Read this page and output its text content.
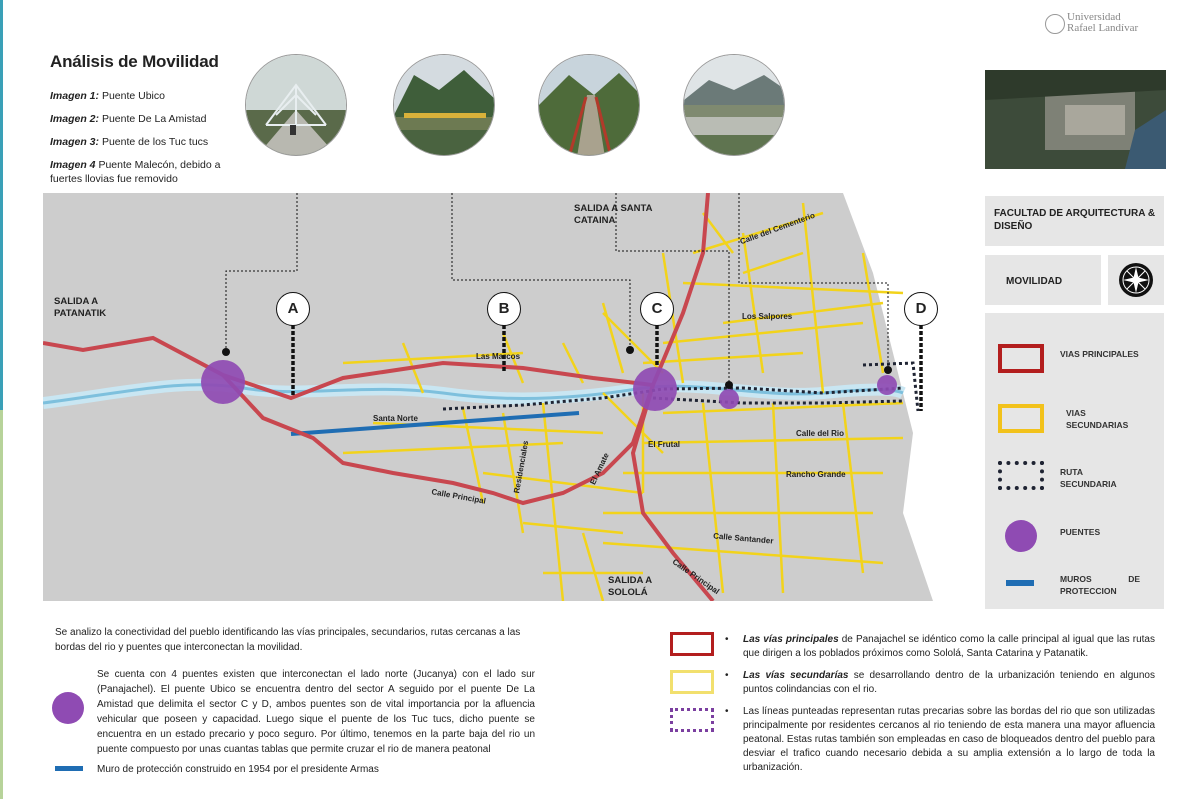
Análisis de Movilidad

Imagen 1: Puente Ubico

Imagen 2: Puente De La Amistad

Imagen 3: Puente de los Tuc tucs

Imagen 4 Puente Malecón, debido a fuertes llovias fue removido

Universidad
Rafael Landívar
FACULTAD DE ARQUITECTURA & DISEÑO
MOVILIDAD
VIAS PRINCIPALES
VIAS SECUNDARIAS
RUTA SECUNDARIA
PUENTES
MUROS DE PROTECCION
A	B	C	D
SALIDA A PATANATIK
SALIDA A SANTA CATAINA
SALIDA A SOLOLÁ
Calle del Cementerio
Los Salpores
Las Marcos
Santa Norte
Residenciales	El Frutal
Calle del Rio
Rancho Grande
El Amate
Calle Principal
Calle Santander
Calle Principal
Se analizo la conectividad del pueblo identificando las vías principales, secundarios, rutas cercanas a las bordas del rio y puentes que interconectan la movilidad.
Se cuenta con 4 puentes existen que interconectan el lado norte (Jucanya) con el lado sur (Panajachel). El puente Ubico se encuentra dentro del sector A seguido por el puente De La Amistad que delimita el sector C y D, ambos puentes son de vital importancia por la afluencia vehicular que poseen y capacidad. Luego sique el puente de los Tuc tucs, dicho puente se encuentra en un estado precario y poco seguro. Por último, tenemos en la parte baja del rio un puente compuesto por unas cuantas tablas que permite cruzar el rio de manera peatonal
Muro de protección construido en 1954 por el presidente Armas
• Las vías principales de Panajachel se idéntico como la calle principal al igual que las rutas que dirigen a los poblados próximos como Sololá, Santa Catarina y Patanatik.
• Las vías secundarías se desarrollando dentro de la urbanización teniendo en algunos puntos colindancias con el rio.
• Las líneas punteadas representan rutas precarias sobre las bordas del rio que son utilizadas principalmente por residentes cercanos al rio teniendo de esta manera una mayor afluencia peatonal. Estas rutas también son empleadas en caso de bloqueados dentro del pueblo para desviar el trafico cuando necesario debida a su amplia extensión a lo largo de toda la urbanización.
